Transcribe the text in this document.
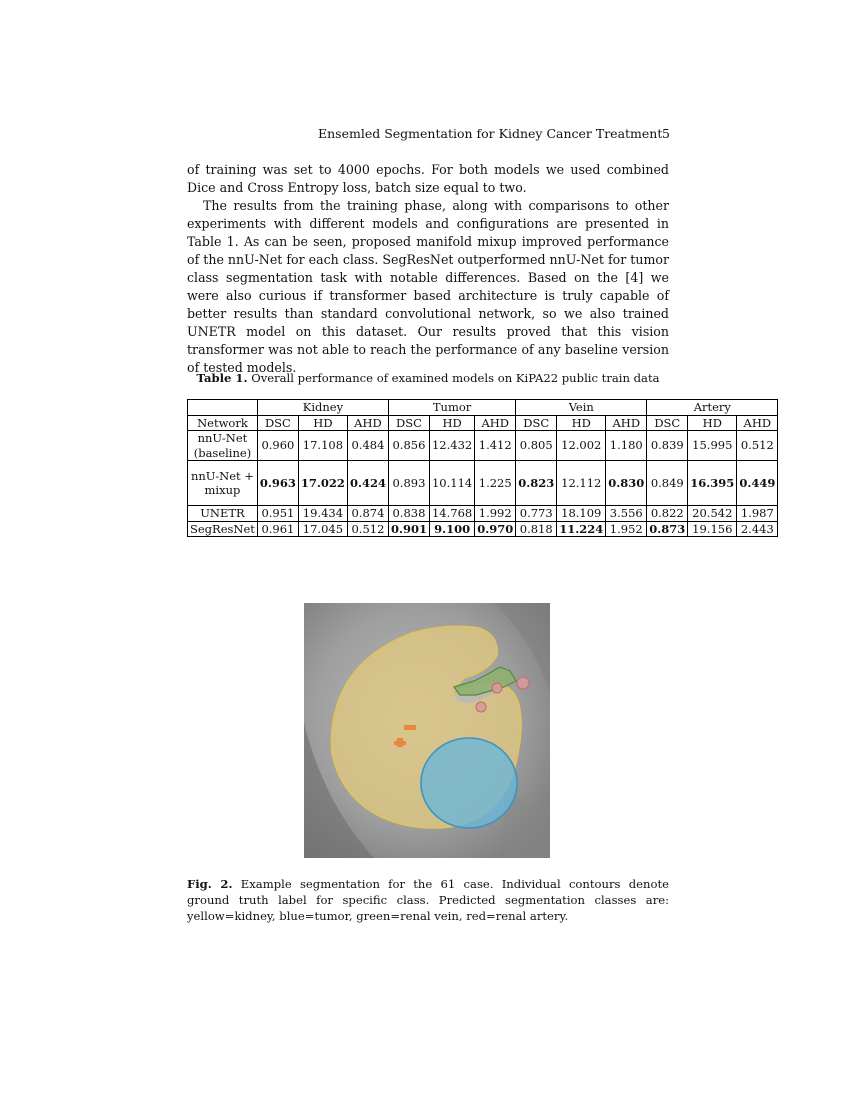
Ensemled Segmentation for Kidney Cancer Treatment 5

of training was set to 4000 epochs. For both models we used combined Dice and Cross Entropy loss, batch size equal to two.

The results from the training phase, along with comparisons to other experiments with different models and configurations are presented in Table 1. As can be seen, proposed manifold mixup improved performance of the nnU-Net for each class. SegResNet outperformed nnU-Net for tumor class segmentation task with notable differences. Based on the [4] we were also curious if transformer based architecture is truly capable of better results than standard convolutional network, so we also trained UNETR model on this dataset. Our results proved that this vision transformer was not able to reach the performance of any baseline version of tested models.

Table 1. Overall performance of examined models on KiPA22 public train data
	Kidney			Tumor			Vein			Artery		
Network	DSC	HD	AHD	DSC	HD	AHD	DSC	HD	AHD	DSC	HD	AHD
nnU-Net (baseline)	0.960	17.108	0.484	0.856	12.432	1.412	0.805	12.002	1.180	0.839	15.995	0.512
nnU-Net + mixup	0.963	17.022	0.424	0.893	10.114	1.225	0.823	12.112	0.830	0.849	16.395	0.449
UNETR	0.951	19.434	0.874	0.838	14.768	1.992	0.773	18.109	3.556	0.822	20.542	1.987
SegResNet	0.961	17.045	0.512	0.901	9.100	0.970	0.818	11.224	1.952	0.873	19.156	2.443
Fig. 2. Example segmentation for the 61 case. Individual contours denote ground truth label for specific class. Predicted segmentation classes are: yellow=kidney, blue=tumor, green=renal vein, red=renal artery.
